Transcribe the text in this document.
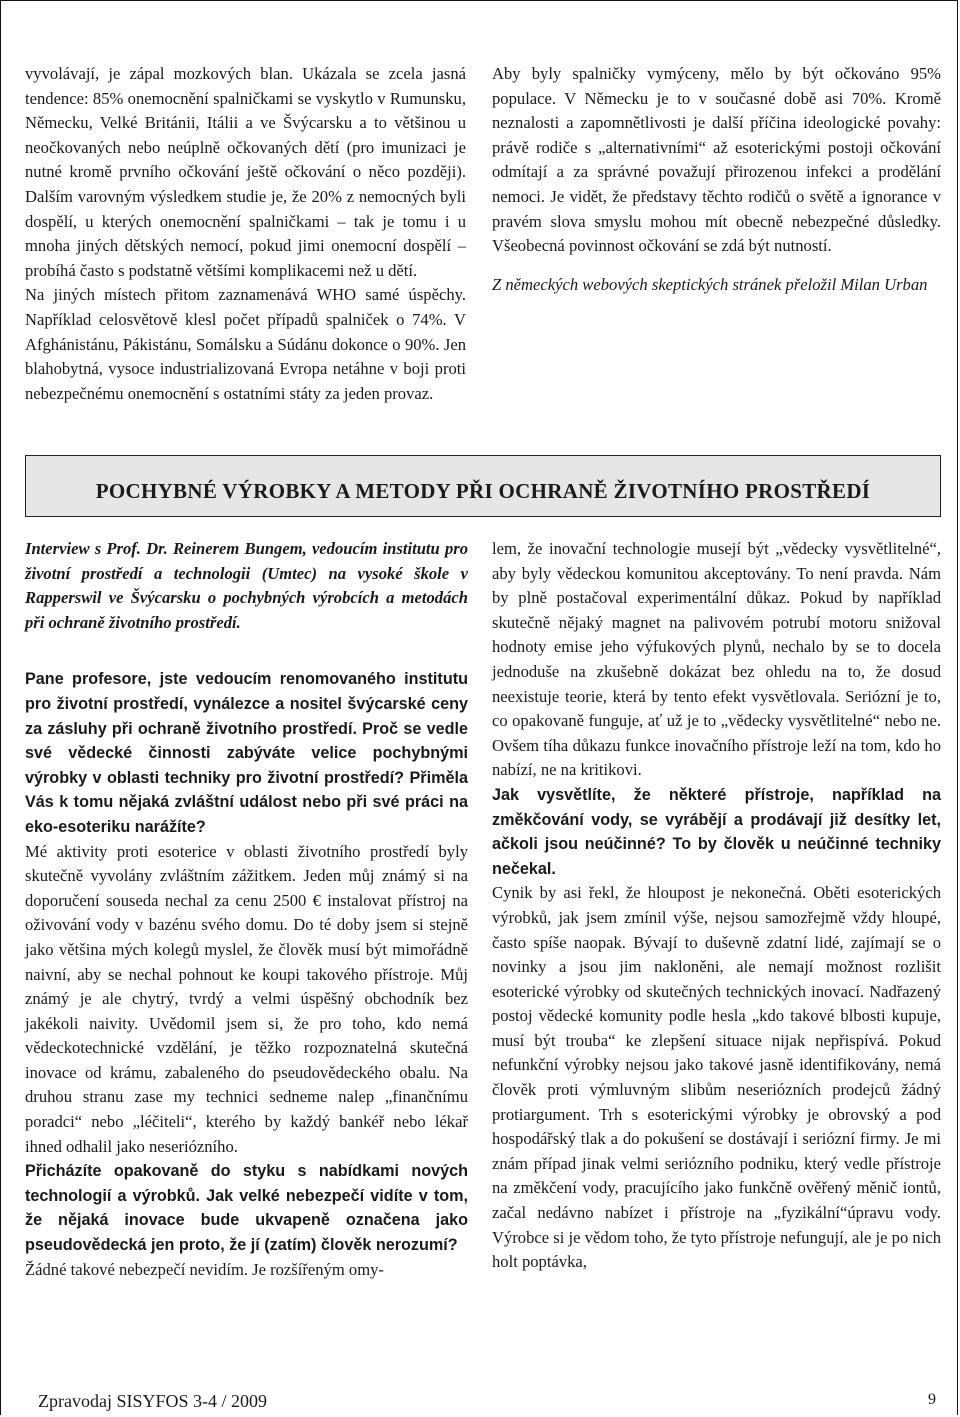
vyvolávají, je zápal mozkových blan. Ukázala se zcela jasná tendence: 85% onemocnění spalničkami se vyskytlo v Rumunsku, Německu, Velké Británii, Itálii a ve Švýcarsku a to většinou u neočkovaných nebo neúplně očkovaných dětí (pro imunizaci je nutné kromě prvního očkování ještě očkování o něco později). Dalším varovným výsledkem studie je, že 20% z nemocných byli dospělí, u kterých onemocnění spalničkami – tak je tomu i u mnoha jiných dětských nemocí, pokud jimi onemocní dospělí – probíhá často s podstatně většími komplikacemi než u dětí.

Na jiných místech přitom zaznamenává WHO samé úspěchy. Například celosvětově klesl počet případů spalniček o 74%. V Afghánistánu, Pákistánu, Somálsku a Súdánu dokonce o 90%. Jen blahobytná, vysoce industrializovaná Evropa netáhne v boji proti nebezpečnému onemocnění s ostatními státy za jeden provaz.

Aby byly spalničky vymýceny, mělo by být očkováno 95% populace. V Německu je to v současné době asi 70%. Kromě neznalosti a zapomnětlivosti je další příčina ideologické povahy: právě rodiče s „alternativními“ až esoterickými postoji očkování odmítají a za správné považují přirozenou infekci a prodělání nemoci. Je vidět, že představy těchto rodičů o světě a ignorance v pravém slova smyslu mohou mít obecně nebezpečné důsledky. Všeobecná povinnost očkování se zdá být nutností.

Z německých webových skeptických stránek přeložil Milan Urban

POCHYBNÉ VÝROBKY A METODY PŘI OCHRANĚ ŽIVOTNÍHO PROSTŘEDÍ

Interview s Prof. Dr. Reinerem Bungem, vedoucím institutu pro životní prostředí a technologii (Umtec) na vysoké škole v Rapperswil ve Švýcarsku o pochybných výrobcích a metodách při ochraně životního prostředí.

Pane profesore, jste vedoucím renomovaného institutu pro životní prostředí, vynálezce a nositel švýcarské ceny za zásluhy při ochraně životního prostředí. Proč se vedle své vědecké činnosti zabýváte velice pochybnými výrobky v oblasti techniky pro životní prostředí? Přiměla Vás k tomu nějaká zvláštní událost nebo při své práci na eko-esoteriku narážíte?

Mé aktivity proti esoterice v oblasti životního prostředí byly skutečně vyvolány zvláštním zážitkem. Jeden můj známý si na doporučení souseda nechal za cenu 2500 € instalovat přístroj na oživování vody v bazénu svého domu. Do té doby jsem si stejně jako většina mých kolegů myslel, že člověk musí být mimořádně naivní, aby se nechal pohnout ke koupi takového přístroje. Můj známý je ale chytrý, tvrdý a velmi úspěšný obchodník bez jakékoli naivity. Uvědomil jsem si, že pro toho, kdo nemá vědeckotechnické vzdělání, je těžko rozpoznatelná skutečná inovace od krámu, zabaleného do pseudovědeckého obalu. Na druhou stranu zase my technici sedneme nalep „finančnímu poradci“ nebo „léčiteli“, kterého by každý bankéř nebo lékař ihned odhalil jako neseriózního.

Přicházíte opakovaně do styku s nabídkami nových technologií a výrobků. Jak velké nebezpečí vidíte v tom, že nějaká inovace bude ukvapeně označena jako pseudovědecká jen proto, že jí (zatím) člověk nerozumí?

Žádné takové nebezpečí nevidím. Je rozšířeným omy-

lem, že inovační technologie musejí být „vědecky vysvětlitelné“, aby byly vědeckou komunitou akceptovány. To není pravda. Nám by plně postačoval experimentální důkaz. Pokud by například skutečně nějaký magnet na palivovém potrubí motoru snižoval hodnoty emise jeho výfukových plynů, nechalo by se to docela jednoduše na zkušebně dokázat bez ohledu na to, že dosud neexistuje teorie, která by tento efekt vysvětlovala. Seriózní je to, co opakovaně funguje, ať už je to „vědecky vysvětlitelné“ nebo ne. Ovšem tíha důkazu funkce inovačního přístroje leží na tom, kdo ho nabízí, ne na kritikovi.

Jak vysvětlíte, že některé přístroje, například na změkčování vody, se vyrábějí a prodávají již desítky let, ačkoli jsou neúčinné? To by člověk u neúčinné techniky nečekal.

Cynik by asi řekl, že hloupost je nekonečná. Oběti esoterických výrobků, jak jsem zmínil výše, nejsou samozřejmě vždy hloupé, často spíše naopak. Bývají to duševně zdatní lidé, zajímají se o novinky a jsou jim nakloněni, ale nemají možnost rozlišit esoterické výrobky od skutečných technických inovací. Nadřazený postoj vědecké komunity podle hesla „kdo takové blbosti kupuje, musí být trouba“ ke zlepšení situace nijak nepřispívá. Pokud nefunkční výrobky nejsou jako takové jasně identifikovány, nemá člověk proti výmluvným slibům neseriózních prodejců žádný protiargument. Trh s esoterickými výrobky je obrovský a pod hospodářský tlak a do pokušení se dostávají i seriózní firmy. Je mi znám případ jinak velmi seriózního podniku, který vedle přístroje na změkčení vody, pracujícího jako funkčně ověřený měnič iontů, začal nedávno nabízet i přístroje na „fyzikální“úpravu vody. Výrobce si je vědom toho, že tyto přístroje nefungují, ale je po nich holt poptávka,

Zpravodaj SISYFOS 3-4 / 2009	9
